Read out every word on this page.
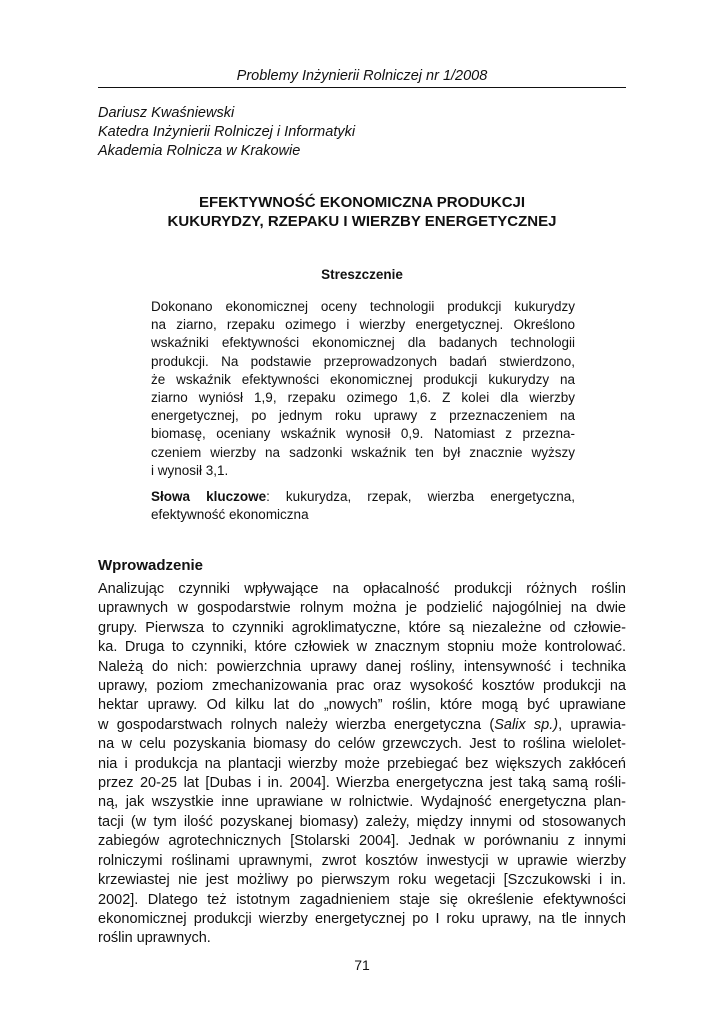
Problemy Inżynierii Rolniczej nr 1/2008
Dariusz Kwaśniewski
Katedra Inżynierii Rolniczej i Informatyki
Akademia Rolnicza w Krakowie
EFEKTYWNOŚĆ EKONOMICZNA PRODUKCJI
KUKURYDZY, RZEPAKU I WIERZBY ENERGETYCZNEJ
Streszczenie
Dokonano ekonomicznej oceny technologii produkcji kukurydzy
na ziarno, rzepaku ozimego i wierzby energetycznej. Określono
wskaźniki efektywności ekonomicznej dla badanych technologii
produkcji. Na podstawie przeprowadzonych badań stwierdzono,
że wskaźnik efektywności ekonomicznej produkcji kukurydzy na
ziarno wyniósł 1,9, rzepaku ozimego 1,6. Z kolei dla wierzby
energetycznej, po jednym roku uprawy z przeznaczeniem na
biomasę, oceniany wskaźnik wynosił 0,9. Natomiast z przezna-
czeniem wierzby na sadzonki wskaźnik ten był znacznie wyższy
i wynosił 3,1.
Słowa kluczowe: kukurydza, rzepak, wierzba energetyczna,
efektywność ekonomiczna
Wprowadzenie
Analizując czynniki wpływające na opłacalność produkcji różnych roślin
uprawnych w gospodarstwie rolnym można je podzielić najogólniej na dwie
grupy. Pierwsza to czynniki agroklimatyczne, które są niezależne od człowie-
ka. Druga to czynniki, które człowiek w znacznym stopniu może kontrolować.
Należą do nich: powierzchnia uprawy danej rośliny, intensywność i technika
uprawy, poziom zmechanizowania prac oraz wysokość kosztów produkcji na
hektar uprawy. Od kilku lat do „nowych” roślin, które mogą być uprawiane
w gospodarstwach rolnych należy wierzba energetyczna (Salix sp.), uprawia-
na w celu pozyskania biomasy do celów grzewczych. Jest to roślina wielolet-
nia i produkcja na plantacji wierzby może przebiegać bez większych zakłóceń
przez 20-25 lat [Dubas i in. 2004]. Wierzba energetyczna jest taką samą rośli-
ną, jak wszystkie inne uprawiane w rolnictwie. Wydajność energetyczna plan-
tacji (w tym ilość pozyskanej biomasy) zależy, między innymi od stosowanych
zabiegów agrotechnicznych [Stolarski 2004]. Jednak w porównaniu z innymi
rolniczymi roślinami uprawnymi, zwrot kosztów inwestycji w uprawie wierzby
krzewiastej nie jest możliwy po pierwszym roku wegetacji [Szczukowski i in.
2002]. Dlatego też istotnym zagadnieniem staje się określenie efektywności
ekonomicznej produkcji wierzby energetycznej po I roku uprawy, na tle innych
roślin uprawnych.
71
